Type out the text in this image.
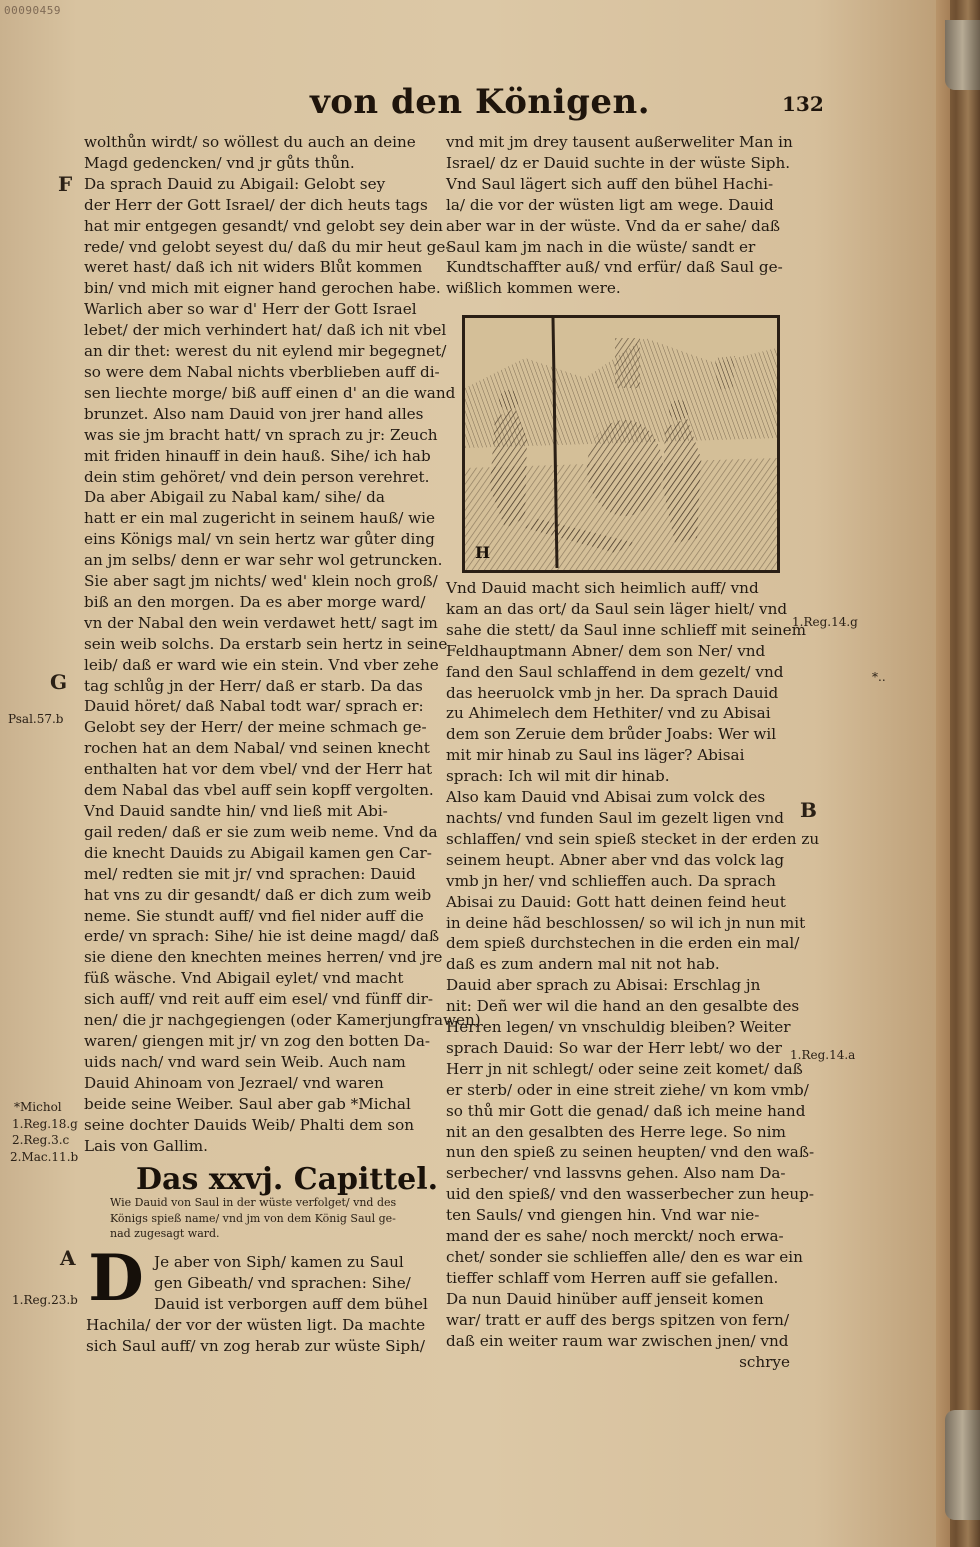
00090459
von den Königen.	132
wolthůn wirdt/ so wöllest du auch an deine
Magd gedencken/ vnd jr gůts thůn.
Da sprach Dauid zu Abigail: Gelobt sey
der Herr der Gott Israel/ der dich heuts tags
hat mir entgegen gesandt/ vnd gelobt sey dein
rede/ vnd gelobt seyest du/ daß du mir heut ge-
weret hast/ daß ich nit widers Blůt kommen
bin/ vnd mich mit eigner hand gerochen habe.
Warlich aber so war d' Herr der Gott Israel
lebet/ der mich verhindert hat/ daß ich nit vbel
an dir thet: werest du nit eylend mir begegnet/
so were dem Nabal nichts vberblieben auff di-
sen liechte morge/ biß auff einen d' an die wand
brunzet. Also nam Dauid von jrer hand alles
was sie jm bracht hatt/ vn sprach zu jr: Zeuch
mit friden hinauff in dein hauß. Sihe/ ich hab
dein stim gehöret/ vnd dein person verehret.
Da aber Abigail zu Nabal kam/ sihe/ da
hatt er ein mal zugericht in seinem hauß/ wie
eins Königs mal/ vn sein hertz war gůter ding
an jm selbs/ denn er war sehr wol getruncken.
Sie aber sagt jm nichts/ wed' klein noch groß/
biß an den morgen. Da es aber morge ward/
vn der Nabal den wein verdawet hett/ sagt im
sein weib solchs. Da erstarb sein hertz in seine
leib/ daß er ward wie ein stein. Vnd vber zehe
tag schlůg jn der Herr/ daß er starb. Da das
Dauid höret/ daß Nabal todt war/ sprach er:
Gelobt sey der Herr/ der meine schmach ge-
rochen hat an dem Nabal/ vnd seinen knecht
enthalten hat vor dem vbel/ vnd der Herr hat
dem Nabal das vbel auff sein kopff vergolten.
Vnd Dauid sandte hin/ vnd ließ mit Abi-
gail reden/ daß er sie zum weib neme. Vnd da
die knecht Dauids zu Abigail kamen gen Car-
mel/ redten sie mit jr/ vnd sprachen: Dauid
hat vns zu dir gesandt/ daß er dich zum weib
neme. Sie stundt auff/ vnd fiel nider auff die
erde/ vn sprach: Sihe/ hie ist deine magd/ daß
sie diene den knechten meines herren/ vnd jre
füß wäsche. Vnd Abigail eylet/ vnd macht
sich auff/ vnd reit auff eim esel/ vnd fünff dir-
nen/ die jr nachgegiengen (oder Kamerjungfrawen)
waren/ giengen mit jr/ vn zog den botten Da-
uids nach/ vnd ward sein Weib. Auch nam
Dauid Ahinoam von Jezrael/ vnd waren
beide seine Weiber. Saul aber gab *Michal
seine dochter Dauids Weib/ Phalti dem son
Lais von Gallim.
Das xxvj. Capittel.
Wie Dauid von Saul in der wüste verfolget/ vnd des
Königs spieß name/ vnd jm von dem König Saul ge-
nad zugesagt ward.
D Je aber von Siph/ kamen zu Saul
gen Gibeath/ vnd sprachen: Sihe/
Dauid ist verborgen auff dem bühel
Hachila/ der vor der wüsten ligt. Da machte
sich Saul auff/ vn zog herab zur wüste Siph/
vnd mit jm drey tausent außerweliter Man in
Israel/ dz er Dauid suchte in der wüste Siph.
Vnd Saul lägert sich auff den bühel Hachi-
la/ die vor der wüsten ligt am wege. Dauid
aber war in der wüste. Vnd da er sahe/ daß
Saul kam jm nach in die wüste/ sandt er
Kundtschaffter auß/ vnd erfür/ daß Saul ge-
wißlich kommen were.
H
Vnd Dauid macht sich heimlich auff/ vnd
kam an das ort/ da Saul sein läger hielt/ vnd
sahe die stett/ da Saul inne schlieff mit seinem
Feldhauptmann Abner/ dem son Ner/ vnd
fand den Saul schlaffend in dem gezelt/ vnd
das heeruolck vmb jn her. Da sprach Dauid
zu Ahimelech dem Hethiter/ vnd zu Abisai
dem son Zeruie dem brůder Joabs: Wer wil
mit mir hinab zu Saul ins läger? Abisai
sprach: Ich wil mit dir hinab.
Also kam Dauid vnd Abisai zum volck des
nachts/ vnd funden Saul im gezelt ligen vnd
schlaffen/ vnd sein spieß stecket in der erden zu
seinem heupt. Abner aber vnd das volck lag
vmb jn her/ vnd schlieffen auch. Da sprach
Abisai zu Dauid: Gott hatt deinen feind heut
in deine hãd beschlossen/ so wil ich jn nun mit
dem spieß durchstechen in die erden ein mal/
daß es zum andern mal nit not hab.
Dauid aber sprach zu Abisai: Erschlag jn
nit: Deñ wer wil die hand an den gesalbte des
Herren legen/ vn vnschuldig bleiben? Weiter
sprach Dauid: So war der Herr lebt/ wo der
Herr jn nit schlegt/ oder seine zeit komet/ daß
er sterb/ oder in eine streit ziehe/ vn kom vmb/
so thů mir Gott die genad/ daß ich meine hand
nit an den gesalbten des Herre lege. So nim
nun den spieß zu seinen heupten/ vnd den waß-
serbecher/ vnd lassvns gehen. Also nam Da-
uid den spieß/ vnd den wasserbecher zun heup-
ten Sauls/ vnd giengen hin. Vnd war nie-
mand der es sahe/ noch merckt/ noch erwa-
chet/ sonder sie schlieffen alle/ den es war ein
tieffer schlaff vom Herren auff sie gefallen.
Da nun Dauid hinüber auff jenseit komen
war/ tratt er auff des bergs spitzen von fern/
daß ein weiter raum war zwischen jnen/ vnd
schrye
F
G
Psal.57.b
*Michol
1.Reg.18.g
2.Reg.3.c
2.Mac.11.b
A
1.Reg.23.b
1.Reg.14.g
*..
B
1.Reg.14.a
